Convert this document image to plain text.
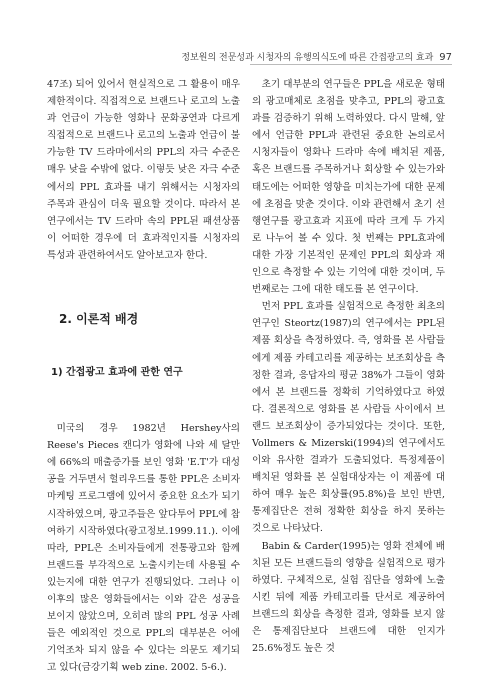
정보원의 전문성과 시청자의 유행의식도에 따른 간접광고의 효과 97

47조) 되어 있어서 현실적으로 그 활용이 매우 제한적이다. 직접적으로 브랜드나 로고의 노출과 언급이 가능한 영화나 문화공연과 다르게 직접적으로 브랜드나 로고의 노출과 언급이 불가능한 TV 드라마에서의 PPL의 자극 수준은 매우 낮을 수밖에 없다. 이렇듯 낮은 자극 수준에서의 PPL 효과를 내기 위해서는 시청자의 주목과 관심이 더욱 필요할 것이다. 따라서 본 연구에서는 TV 드라마 속의 PPL된 패션상품이 어떠한 경우에 더 효과적인지를 시청자의 특성과 관련하여서도 알아보고자 한다.

2. 이론적 배경
1) 간접광고 효과에 관한 연구

미국의 경우 1982년 Hershey사의 Reese's Pieces 캔디가 영화에 나와 세 달만에 66%의 매출증가를 보인 영화 'E.T'가 대성공을 거두면서 헐리우드를 통한 PPL은 소비자 마케팅 프로그램에 있어서 중요한 요소가 되기 시작하였으며, 광고주들은 앞다투어 PPL에 참여하기 시작하였다(광고정보.1999.11.). 이에 따라, PPL은 소비자들에게 전통광고와 함께 브랜드를 부각적으로 노출시키는데 사용될 수 있는지에 대한 연구가 진행되었다. 그러나 이 이후의 많은 영화들에서는 이와 같은 성공을 보이지 않았으며, 오히려 많의 PPL 성공 사례들은 예외적인 것으로 PPL의 대부분은 어에 기억조차 되지 않을 수 있다는 의문도 제기되고 있다(금강기획 web zine. 2002. 5-6.).

초기 대부분의 연구들은 PPL을 새로운 형태의 광고매체로 초점을 맞추고, PPL의 광고효과를 검증하기 위해 노력하였다. 다시 말해, 앞에서 언급한 PPL과 관련된 중요한 논의로서 시청자들이 영화나 드라마 속에 배치된 제품, 혹은 브랜드를 주목하거나 회상할 수 있는가와 태도에는 어떠한 영향을 미치는가에 대한 문제에 초점을 맞춘 것이다. 이와 관련해서 초기 선행연구를 광고효과 지표에 따라 크게 두 가지로 나누어 볼 수 있다. 첫 번째는 PPL효과에 대한 가장 기본적인 문제인 PPL의 회상과 재인으로 측정할 수 있는 기억에 대한 것이며, 두 번째로는 그에 대한 태도를 본 연구이다.

먼저 PPL 효과를 실험적으로 측정한 최초의 연구인 Steortz(1987)의 연구에서는 PPL된 제품 회상을 측정하였다. 즉, 영화를 본 사람들에게 제품 카테고리를 제공하는 보조회상을 측정한 결과, 응답자의 평균 38%가 그들이 영화에서 본 브랜드를 정확히 기억하였다고 하였다. 결론적으로 영화를 본 사람들 사이에서 브랜드 보조회상이 증가되었다는 것이다. 또한, Vollmers & Mizerski(1994)의 연구에서도 이와 유사한 결과가 도출되었다. 특정제품이 배치된 영화를 본 실험대상자는 이 제품에 대하여 매우 높은 회상률(95.8%)을 보인 반면, 통제집단은 전혀 정확한 회상을 하지 못하는 것으로 나타났다.

Babin & Carder(1995)는 영화 전체에 배치된 모든 브랜드들의 영향을 실험적으로 평가하였다. 구체적으로, 실험 집단을 영화에 노출시킨 뒤에 제품 카테고리를 단서로 제공하여 브랜드의 회상을 측정한 결과, 영화를 보지 않은 통제집단보다 브랜드에 대한 인지가 25.6%정도 높은 것
